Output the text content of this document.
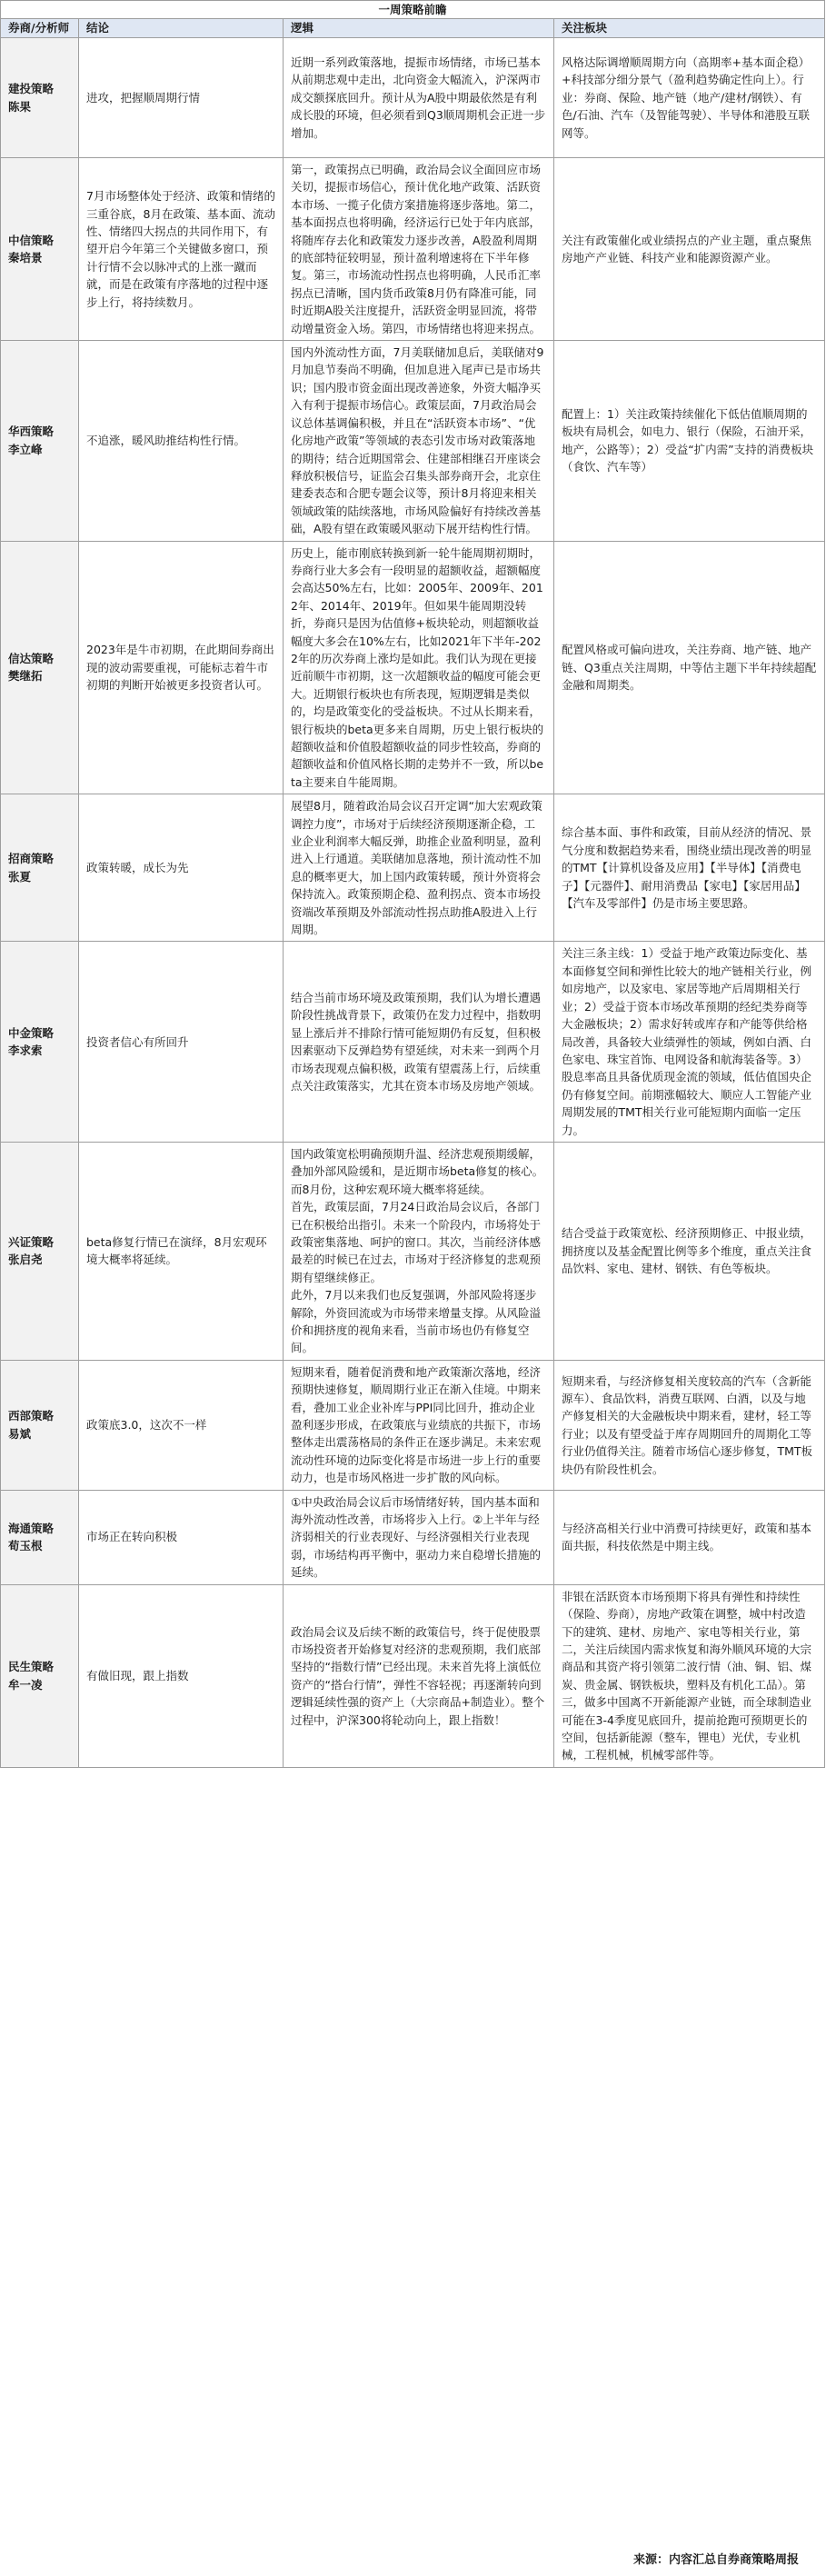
一周策略前瞻			
券商/分析师	结论	逻辑	关注板块

建投策略
陈果	进攻，把握顺周期行情	近期一系列政策落地，提振市场情绪，市场已基本从前期悲观中走出，北向资金大幅流入，沪深两市成交额探底回升。预计从为A股中期最依然是有利成长股的环境，但必须看到Q3顺周期机会正进一步增加。	风格达际调增顺周期方向（高期率+基本面企稳）+科技部分细分景气（盈利趋势确定性向上）。行业：券商、保险、地产链（地产/建材/钢铁）、有色/石油、汽车（及智能驾驶）、半导体和港股互联网等。

中信策略
秦培景	7月市场整体处于经济、政策和情绪的三重谷底，8月在政策、基本面、流动性、情绪四大拐点的共同作用下，有望开启今年第三个关键做多窗口，预计行情不会以脉冲式的上涨一蹴而就，而是在政策有序落地的过程中逐步上行，将持续数月。	第一，政策拐点已明确，政治局会议全面回应市场关切，提振市场信心，预计优化地产政策、活跃资本市场、一揽子化债方案措施将逐步落地。第二，基本面拐点也将明确，经济运行已处于年内底部，将随库存去化和政策发力逐步改善，A股盈利周期的底部特征较明显，预计盈利增速将在下半年修复。第三，市场流动性拐点也将明确，人民币汇率拐点已清晰，国内货币政策8月仍有降准可能，同时近期A股关注度提升，活跃资金明显回流，将带动增量资金入场。第四，市场情绪也将迎来拐点。	关注有政策催化或业绩拐点的产业主题，重点聚焦房地产产业链、科技产业和能源资源产业。

华西策略
李立峰	不追涨，暖风助推结构性行情。	国内外流动性方面，7月美联储加息后，美联储对9月加息节奏尚不明确，但加息进入尾声已是市场共识；国内股市资金面出现改善迹象，外资大幅净买入有利于提振市场信心。政策层面，7月政治局会议总体基调偏积极，并且在“活跃资本市场”、“优化房地产政策”等领域的表态引发市场对政策落地的期待；结合近期国常会、住建部相继召开座谈会释放积极信号，证监会召集头部券商开会，北京住建委表态和合肥专题会议等，预计8月将迎来相关领域政策的陆续落地，市场风险偏好有持续改善基础，A股有望在政策暖风驱动下展开结构性行情。	配置上：1）关注政策持续催化下低估值顺周期的板块有局机会，如电力、银行（保险，石油开采，地产，公路等）；2）受益“扩内需”支持的消费板块（食饮、汽车等）

信达策略
樊继拓	2023年是牛市初期，在此期间券商出现的波动需要重视，可能标志着牛市初期的判断开始被更多投资者认可。	历史上，能市刚底转换到新一轮牛能周期初期时，券商行业大多会有一段明显的超额收益，超额幅度会高达50%左右，比如：2005年、2009年、2012年、2014年、2019年。但如果牛能周期没转折，券商只是因为估值修+板块轮动，则超额收益幅度大多会在10%左右，比如2021年下半年-2022年的历次券商上涨均是如此。我们认为现在更接近前顺牛市初期，这一次超额收益的幅度可能会更大。近期银行板块也有所表现，短期逻辑是类似的，均是政策变化的受益板块。不过从长期来看，银行板块的beta更多来自周期，历史上银行板块的超额收益和价值股超额收益的同步性较高，券商的超额收益和价值风格长期的走势并不一致，所以beta主要来自牛能周期。	配置风格或可偏向进攻，关注券商、地产链、地产链、Q3重点关注周期，中等估主题下半年持续超配金融和周期类。

招商策略
张夏	政策转暖，成长为先	展望8月，随着政治局会议召开定调“加大宏观政策调控力度”，市场对于后续经济预期逐渐企稳，工业企业利润率大幅反弹，助推企业盈利明显，盈利进入上行通道。美联储加息落地，预计流动性不加息的概率更大，加上国内政策转暖，预计外资将会保持流入。政策预期企稳、盈利拐点、资本市场投资端改革预期及外部流动性拐点助推A股进入上行周期。	综合基本面、事件和政策，目前从经济的情况、景气分度和数据趋势来看，围绕业绩出现改善的明显的TMT【计算机设备及应用】【半导体】【消费电子】【元器件】、耐用消费品【家电】【家居用品】【汽车及零部件】仍是市场主要思路。

中金策略
李求索	投资者信心有所回升	结合当前市场环境及政策预期，我们认为增长遭遇阶段性挑战背景下，政策仍在发力过程中，指数明显上涨后并不排除行情可能短期仍有反复，但积极因素驱动下反弹趋势有望延续，对未来一到两个月市场表现观点偏积极，政策有望震荡上行，后续重点关注政策落实，尤其在资本市场及房地产领域。	关注三条主线：1）受益于地产政策边际变化、基本面修复空间和弹性比较大的地产链相关行业，例如房地产，以及家电、家居等地产后周期相关行业；2）受益于资本市场改革预期的经纪类券商等大金融板块；2）需求好转或库存和产能等供给格局改善，具备较大业绩弹性的领域，例如白酒、白色家电、珠宝首饰、电网设备和航海装备等。3）股息率高且具备优质现金流的领域，低估值国央企仍有修复空间。前期涨幅较大、顺应人工智能产业周期发展的TMT相关行业可能短期内面临一定压力。

兴证策略
张启尧	beta修复行情已在演绎，8月宏观环境大概率将延续。	国内政策宽松明确预期升温、经济悲观预期缓解，叠加外部风险缓和，是近期市场beta修复的核心。而8月份，这种宏观环境大概率将延续。
首先，政策层面，7月24日政治局会议后，各部门已在积极给出指引。未来一个阶段内，市场将处于政策密集落地、呵护的窗口。其次，当前经济体感最差的时候已在过去，市场对于经济修复的悲观预期有望继续修正。
此外，7月以来我们也反复强调，外部风险将逐步解除，外资回流或为市场带来增量支撑。从风险溢价和拥挤度的视角来看，当前市场也仍有修复空间。	结合受益于政策宽松、经济预期修正、中报业绩，拥挤度以及基金配置比例等多个维度，重点关注食品饮料、家电、建材、钢铁、有色等板块。

西部策略
易斌	政策底3.0，这次不一样	短期来看，随着促消费和地产政策渐次落地，经济预期快速修复，顺周期行业正在渐入佳境。中期来看，叠加工业企业补库与PPI同比回升，推动企业盈利逐步形成，在政策底与业绩底的共振下，市场整体走出震荡格局的条件正在逐步满足。未来宏观流动性环境的边际变化将是市场进一步上行的重要动力，也是市场风格进一步扩散的风向标。	短期来看，与经济修复相关度较高的汽车（含新能源车）、食品饮料，消费互联网、白酒，以及与地产修复相关的大金融板块中期来看，建材，轻工等行业；以及有望受益于库存周期回升的周期化工等行业仍值得关注。随着市场信心逐步修复，TMT板块仍有阶段性机会。

海通策略
荀玉根	市场正在转向积极	①中央政治局会议后市场情绪好转，国内基本面和海外流动性改善，市场将步入上行。②上半年与经济弱相关的行业表现好、与经济强相关行业表现弱，市场结构再平衡中，驱动力来自稳增长措施的延续。	与经济高相关行业中消费可持续更好，政策和基本面共振，科技依然是中期主线。

民生策略
牟一凌	有做旧现，跟上指数	政治局会议及后续不断的政策信号，终于促使股票市场投资者开始修复对经济的悲观预期，我们底部坚持的“指数行情”已经出现。未来首先将上演低位资产的“搭台行情”，弹性不容轻视；再逐渐转向到逻辑延续性强的资产上（大宗商品+制造业）。整个过程中，沪深300将轮动向上，跟上指数！	非银在活跃资本市场预期下将具有弹性和持续性（保险、券商），房地产政策在调整，城中村改造下的建筑、建材、房地产、家电等相关行业，第二，关注后续国内需求恢复和海外顺风环境的大宗商品和其资产将引领第二波行情（油、铜、铝、煤炭、贵金属、钢铁板块，塑料及有机化工品）。第三，做多中国离不开新能源产业链，而全球制造业可能在3-4季度见底回升，提前抢跑可预期更长的空间，包括新能源（整车，锂电）光伏，专业机械，工程机械，机械零部件等。
来源：内容汇总自券商策略周报
